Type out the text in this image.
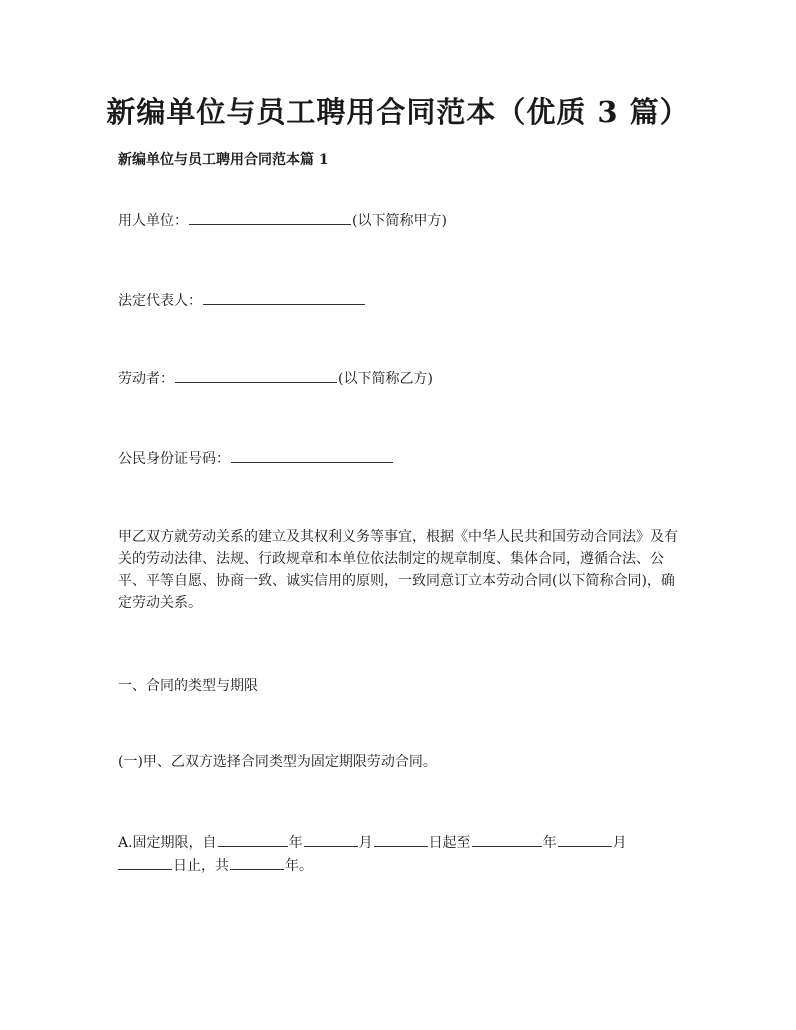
新编单位与员工聘用合同范本（优质 3 篇）

新编单位与员工聘用合同范本篇 1

用人单位：	(以下简称甲方)

法定代表人：

劳动者：	(以下简称乙方)

公民身份证号码：

甲乙双方就劳动关系的建立及其权利义务等事宜，根据《中华人民共和国劳动合同法》及有关的劳动法律、法规、行政规章和本单位依法制定的规章制度、集体合同，遵循合法、公平、平等自愿、协商一致、诚实信用的原则，一致同意订立本劳动合同(以下简称合同)，确定劳动关系。

一、合同的类型与期限

(一)甲、乙双方选择合同类型为固定期限劳动合同。

A.固定期限，自	年	月	日起至	年	月

日止，共	年。
